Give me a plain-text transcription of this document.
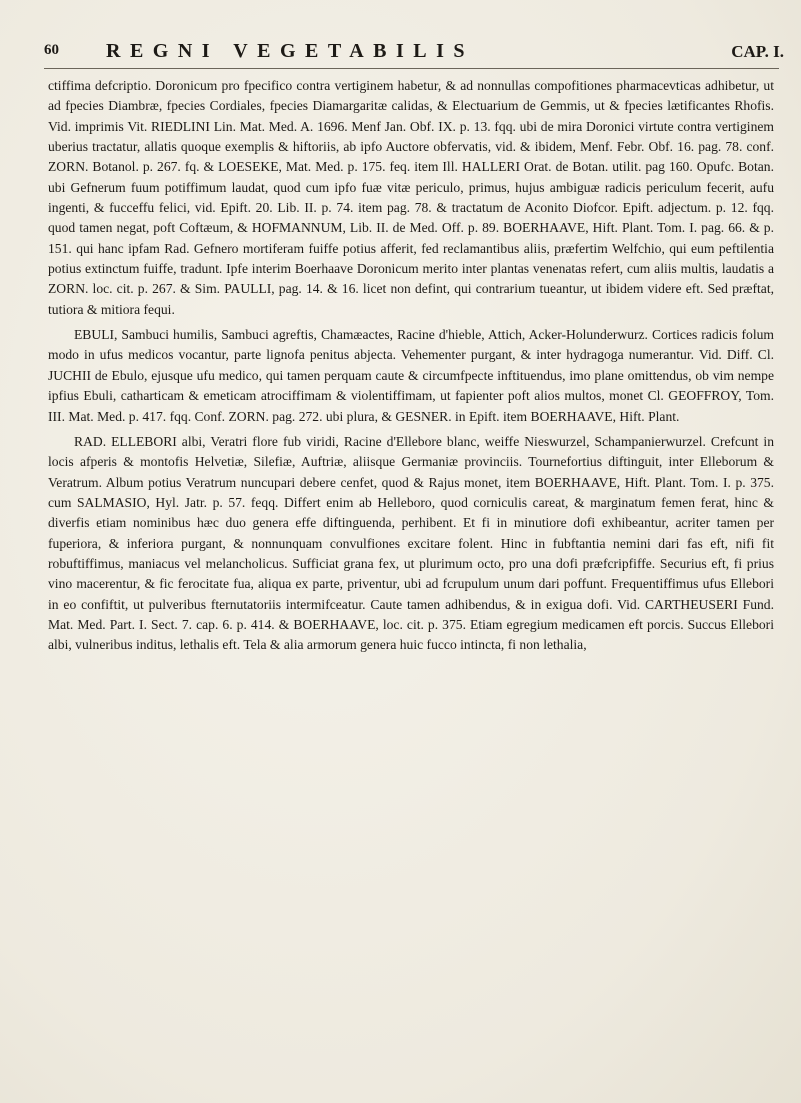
60 REGNI VEGETABILIS	CAP. I.

ctiffima defcriptio. Doronicum pro fpecifico contra vertiginem habetur, & ad nonnullas compofitiones pharmacevticas adhibetur, ut ad fpecies Diambræ, fpecies Cordiales, fpecies Diamargaritæ calidas, & Electuarium de Gemmis, ut & fpecies lætificantes Rhofis. Vid. imprimis Vit. RIEDLINI Lin. Mat. Med. A. 1696. Menf Jan. Obf. IX. p. 13. fqq. ubi de mira Doronici virtute contra vertiginem uberius tractatur, allatis quoque exemplis & hiftoriis, ab ipfo Auctore obfervatis, vid. & ibidem, Menf. Febr. Obf. 16. pag. 78. conf. ZORN. Botanol. p. 267. fq. & LOESEKE, Mat. Med. p. 175. feq. item Ill. HALLERI Orat. de Botan. utilit. pag 160. Opufc. Botan. ubi Gefnerum fuum potiffimum laudat, quod cum ipfo fuæ vitæ periculo, primus, hujus ambiguæ radicis periculum fecerit, aufu ingenti, & fucceffu felici, vid. Epift. 20. Lib. II. p. 74. item pag. 78. & tractatum de Aconito Diofcor. Epift. adjectum. p. 12. fqq. quod tamen negat, poft Coftæum, & HOFMANNUM, Lib. II. de Med. Off. p. 89. BOERHAAVE, Hift. Plant. Tom. I. pag. 66. & p. 151. qui hanc ipfam Rad. Gefnero mortiferam fuiffe potius afferit, fed reclamantibus aliis, præfertim Welfchio, qui eum peftilentia potius extinctum fuiffe, tradunt. Ipfe interim Boerhaave Doronicum merito inter plantas venenatas refert, cum aliis multis, laudatis a ZORN. loc. cit. p. 267. & Sim. PAULLI, pag. 14. & 16. licet non defint, qui contrarium tueantur, ut ibidem videre eft. Sed præftat, tutiora & mitiora fequi.

EBULI, Sambuci humilis, Sambuci agreftis, Chamæactes, Racine d'hieble, Attich, Acker-Holunderwurz. Cortices radicis folum modo in ufus medicos vocantur, parte lignofa penitus abjecta. Vehementer purgant, & inter hydragoga numerantur. Vid. Diff. Cl. JUCHII de Ebulo, ejusque ufu medico, qui tamen perquam caute & circumfpecte inftituendus, imo plane omittendus, ob vim nempe ipfius Ebuli, catharticam & emeticam atrociffimam & violentiffimam, ut fapienter poft alios multos, monet Cl. GEOFFROY, Tom. III. Mat. Med. p. 417. fqq. Conf. ZORN. pag. 272. ubi plura, & GESNER. in Epift. item BOERHAAVE, Hift. Plant.

RAD. ELLEBORI albi, Veratri flore fub viridi, Racine d'Ellebore blanc, weiffe Nieswurzel, Schampanierwurzel. Crefcunt in locis afperis & montofis Helvetiæ, Silefiæ, Auftriæ, aliisque Germaniæ provinciis. Tournefortius diftinguit, inter Elleborum & Veratrum. Album potius Veratrum nuncupari debere cenfet, quod & Rajus monet, item BOERHAAVE, Hift. Plant. Tom. I. p. 375. cum SALMASIO, Hyl. Jatr. p. 57. feqq. Differt enim ab Helleboro, quod corniculis careat, & marginatum femen ferat, hinc & diverfis etiam nominibus hæc duo genera effe diftinguenda, perhibent. Et fi in minutiore dofi exhibeantur, acriter tamen per fuperiora, & inferiora purgant, & nonnunquam convulfiones excitare folent. Hinc in fubftantia nemini dari fas eft, nifi fit robuftiffimus, maniacus vel melancholicus. Sufficiat grana fex, ut plurimum octo, pro una dofi præfcripfiffe. Securius eft, fi prius vino macerentur, & fic ferocitate fua, aliqua ex parte, priventur, ubi ad fcrupulum unum dari poffunt. Frequentiffimus ufus Ellebori in eo confiftit, ut pulveribus fternutatoriis intermifceatur. Caute tamen adhibendus, & in exigua dofi. Vid. CARTHEUSERI Fund. Mat. Med. Part. I. Sect. 7. cap. 6. p. 414. & BOERHAAVE, loc. cit. p. 375. Etiam egregium medicamen eft porcis. Succus Ellebori albi, vulneribus inditus, lethalis eft. Tela & alia armorum genera huic fucco intincta, fi non lethalia,
